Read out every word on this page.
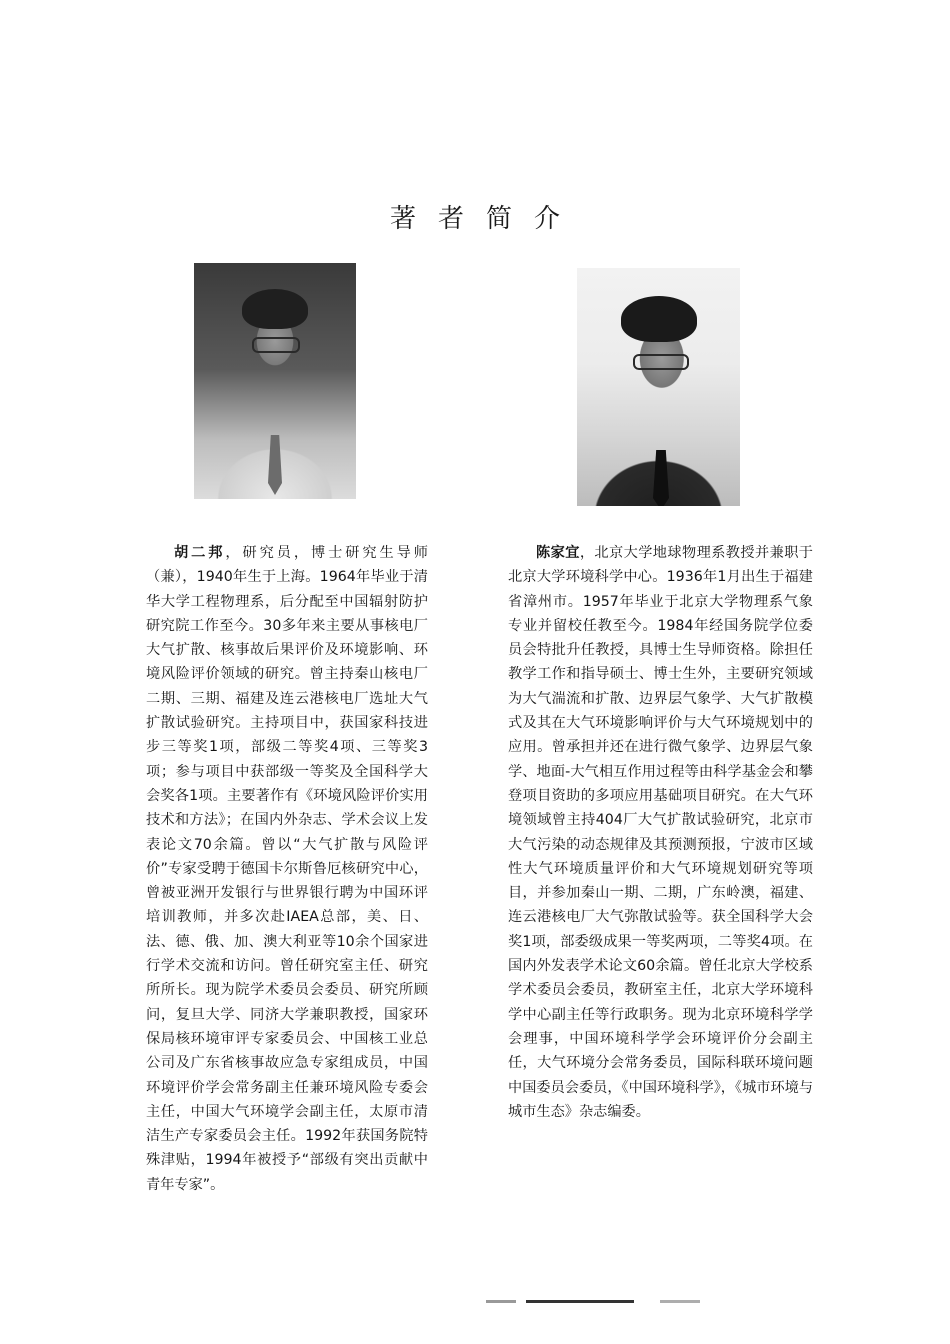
著者简介
胡二邦，研究员，博士研究生导师（兼），1940年生于上海。1964年毕业于清华大学工程物理系，后分配至中国辐射防护研究院工作至今。30多年来主要从事核电厂大气扩散、核事故后果评价及环境影响、环境风险评价领域的研究。曾主持秦山核电厂二期、三期、福建及连云港核电厂选址大气扩散试验研究。主持项目中，获国家科技进步三等奖1项，部级二等奖4项、三等奖3项；参与项目中获部级一等奖及全国科学大会奖各1项。主要著作有《环境风险评价实用技术和方法》；在国内外杂志、学术会议上发表论文70余篇。曾以“大气扩散与风险评价”专家受聘于德国卡尔斯鲁厄核研究中心，曾被亚洲开发银行与世界银行聘为中国环评培训教师，并多次赴IAEA总部，美、日、法、德、俄、加、澳大利亚等10余个国家进行学术交流和访问。曾任研究室主任、研究所所长。现为院学术委员会委员、研究所顾问，复旦大学、同济大学兼职教授，国家环保局核环境审评专家委员会、中国核工业总公司及广东省核事故应急专家组成员，中国环境评价学会常务副主任兼环境风险专委会主任，中国大气环境学会副主任，太原市清洁生产专家委员会主任。1992年获国务院特殊津贴，1994年被授予“部级有突出贡献中青年专家”。
陈家宜，北京大学地球物理系教授并兼职于北京大学环境科学中心。1936年1月出生于福建省漳州市。1957年毕业于北京大学物理系气象专业并留校任教至今。1984年经国务院学位委员会特批升任教授，具博士生导师资格。除担任教学工作和指导硕士、博士生外，主要研究领域为大气湍流和扩散、边界层气象学、大气扩散模式及其在大气环境影响评价与大气环境规划中的应用。曾承担并还在进行微气象学、边界层气象学、地面-大气相互作用过程等由科学基金会和攀登项目资助的多项应用基础项目研究。在大气环境领域曾主持404厂大气扩散试验研究，北京市大气污染的动态规律及其预测预报，宁波市区域性大气环境质量评价和大气环境规划研究等项目，并参加秦山一期、二期，广东岭澳，福建、连云港核电厂大气弥散试验等。获全国科学大会奖1项，部委级成果一等奖两项，二等奖4项。在国内外发表学术论文60余篇。曾任北京大学校系学术委员会委员，教研室主任，北京大学环境科学中心副主任等行政职务。现为北京环境科学学会理事，中国环境科学学会环境评价分会副主任，大气环境分会常务委员，国际科联环境问题中国委员会委员，《中国环境科学》，《城市环境与城市生态》杂志编委。
